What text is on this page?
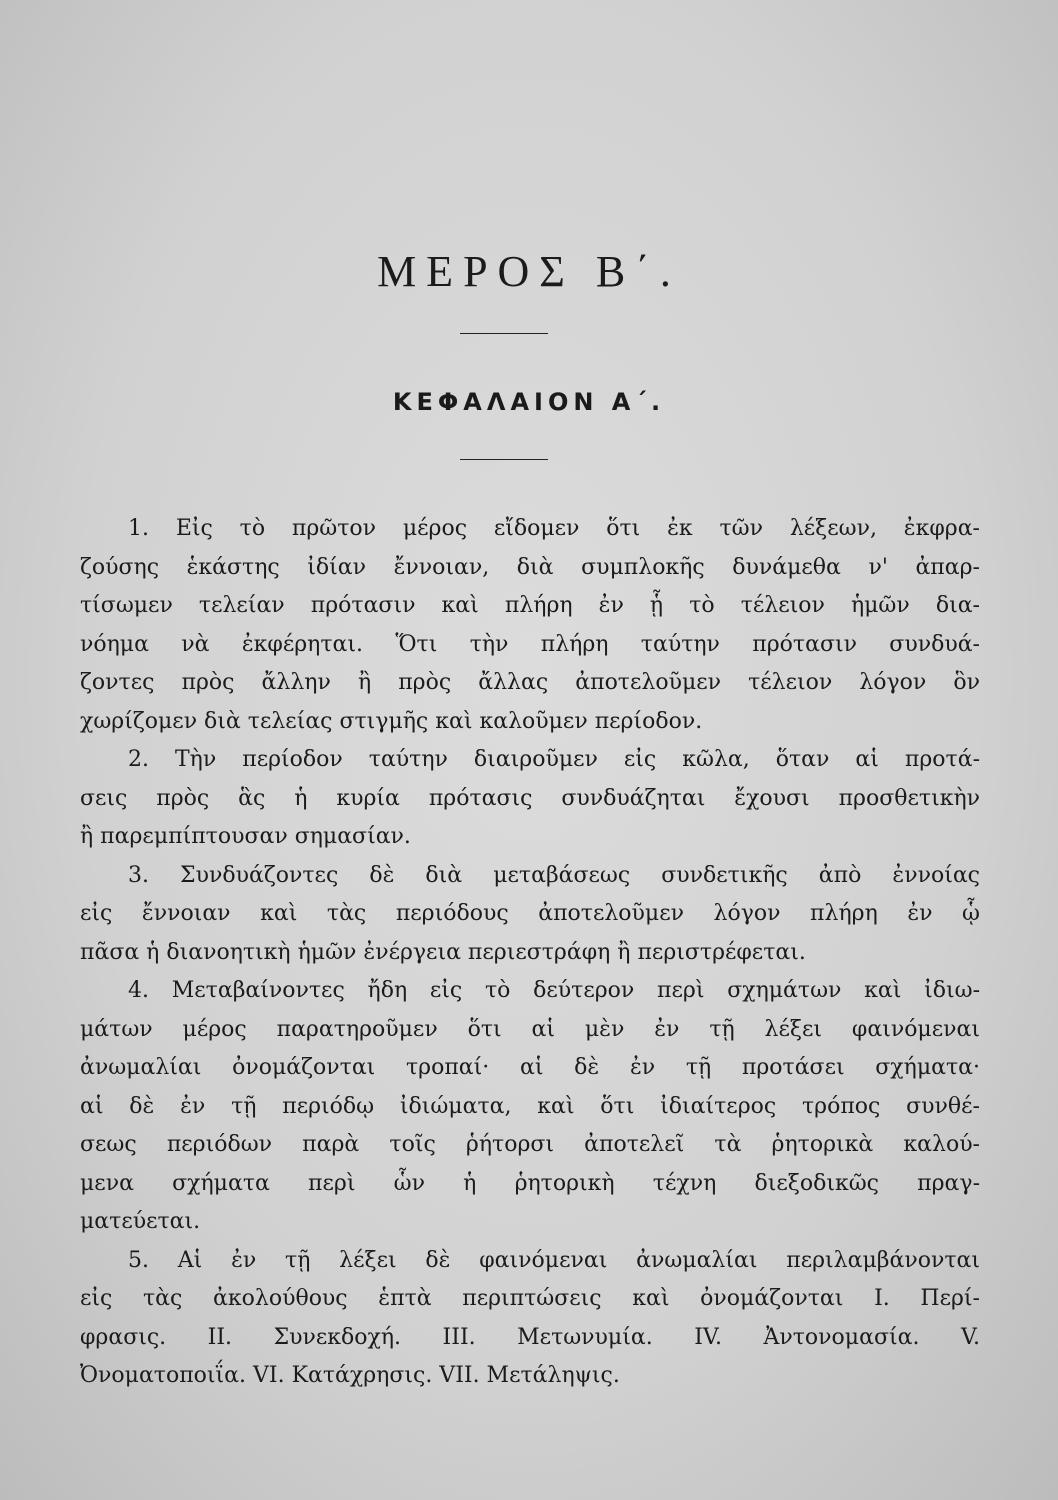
ΜΕΡΟΣ Β΄.
ΚΕΦΑΛΑΙΟΝ Α΄.
1. Εἰς τὸ πρῶτον μέρος εἴδομεν ὅτι ἐκ τῶν λέξεων, ἐκφρα-
ζούσης ἑκάστης ἰδίαν ἔννοιαν, διὰ συμπλοκῆς δυνάμεθα ν' ἀπαρ-
τίσωμεν τελείαν πρότασιν καὶ πλήρη ἐν ᾗ τὸ τέλειον ἡμῶν δια-
νόημα νὰ ἐκφέρηται. Ὅτι τὴν πλήρη ταύτην πρότασιν συνδυά-
ζοντες πρὸς ἄλλην ἢ πρὸς ἄλλας ἀποτελοῦμεν τέλειον λόγον ὃν
χωρίζομεν διὰ τελείας στιγμῆς καὶ καλοῦμεν περίοδον.
2. Τὴν περίοδον ταύτην διαιροῦμεν εἰς κῶλα, ὅταν αἱ προτά-
σεις πρὸς ἃς ἡ κυρία πρότασις συνδυάζηται ἔχουσι προσθετικὴν
ἢ παρεμπίπτουσαν σημασίαν.
3. Συνδυάζοντες δὲ διὰ μεταβάσεως συνδετικῆς ἀπὸ ἐννοίας
εἰς ἔννοιαν καὶ τὰς περιόδους ἀποτελοῦμεν λόγον πλήρη ἐν ᾧ
πᾶσα ἡ διανοητικὴ ἡμῶν ἐνέργεια περιεστράφη ἢ περιστρέφεται.
4. Μεταβαίνοντες ἤδη εἰς τὸ δεύτερον περὶ σχημάτων καὶ ἰδιω-
μάτων μέρος παρατηροῦμεν ὅτι αἱ μὲν ἐν τῇ λέξει φαινόμεναι
ἀνωμαλίαι ὀνομάζονται τροπαί· αἱ δὲ ἐν τῇ προτάσει σχήματα·
αἱ δὲ ἐν τῇ περιόδῳ ἰδιώματα, καὶ ὅτι ἰδιαίτερος τρόπος συνθέ-
σεως περιόδων παρὰ τοῖς ῥήτορσι ἀποτελεῖ τὰ ῥητορικὰ καλού-
μενα σχήματα περὶ ὧν ἡ ῥητορικὴ τέχνη διεξοδικῶς πραγ-
ματεύεται.
5. Αἱ ἐν τῇ λέξει δὲ φαινόμεναι ἀνωμαλίαι περιλαμβάνονται
εἰς τὰς ἀκολούθους ἑπτὰ περιπτώσεις καὶ ὀνομάζονται Ι. Περί-
φρασις. II. Συνεκδοχή. III. Μετωνυμία. IV. Ἀντονομασία. V.
Ὀνοματοποιΐα. VI. Κατάχρησις. VII. Μετάληψις.
